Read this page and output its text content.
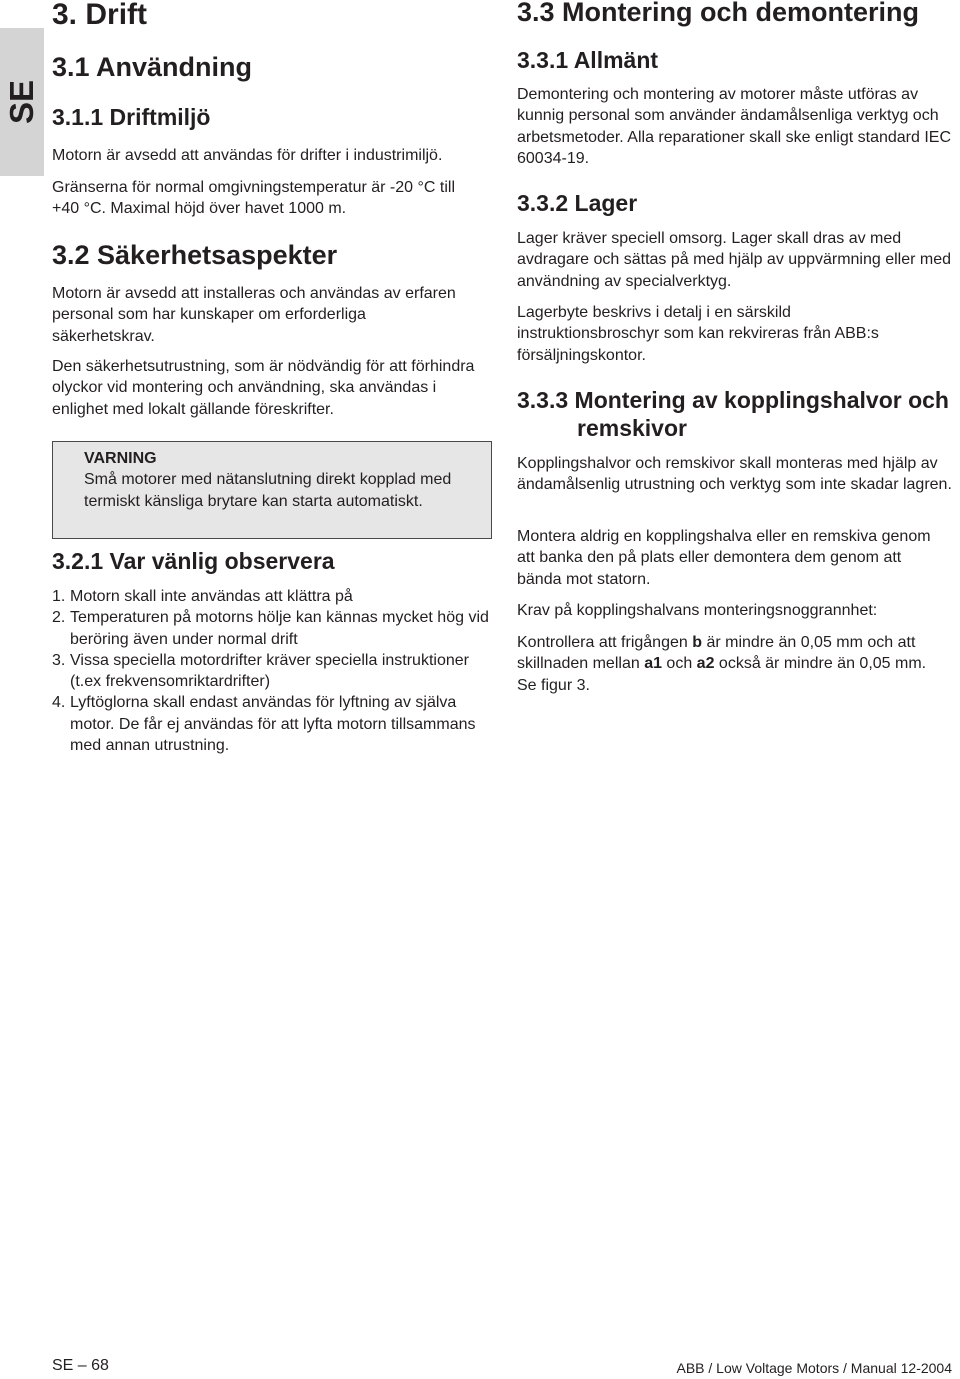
SE
3. Drift
3.1 Användning
3.1.1 Driftmiljö

Motorn är avsedd att användas för drifter i industrimiljö.

Gränserna för normal omgivningstemperatur är -20 °C till +40 °C. Maximal höjd över havet 1000 m.

3.2 Säkerhetsaspekter

Motorn är avsedd att installeras och användas av erfaren personal som har kunskaper om erforderliga säkerhetskrav.

Den säkerhetsutrustning, som är nödvändig för att förhindra olyckor vid montering och användning, ska användas i enlighet med lokalt gällande föreskrifter.

VARNING
Små motorer med nätanslutning direkt kopplad med termiskt känsliga brytare kan starta automatiskt.
3.2.1 Var vänlig observera
1. Motorn skall inte användas att klättra på
2. Temperaturen på motorns hölje kan kännas mycket hög vid beröring även under normal drift
3. Vissa speciella motordrifter kräver speciella instruktioner (t.ex frekvensomriktardrifter)
4. Lyftöglorna skall endast användas för lyftning av själva motor. De får ej användas för att lyfta motorn tillsammans med annan utrustning.
3.3 Montering och demontering
3.3.1 Allmänt

Demontering och montering av motorer måste utföras av kunnig personal som använder ändamålsenliga verktyg och arbetsmetoder. Alla reparationer skall ske enligt standard IEC 60034-19.

3.3.2 Lager

Lager kräver speciell omsorg. Lager skall dras av med avdragare och sättas på med hjälp av uppvärmning eller med användning av specialverktyg.

Lagerbyte beskrivs i detalj i en särskild instruktionsbroschyr som kan rekvireras från ABB:s försäljningskontor.

3.3.3 Montering av kopplingshalvor och remskivor

Kopplingshalvor och remskivor skall monteras med hjälp av ändamålsenlig utrustning och verktyg som inte skadar lagren.

Montera aldrig en kopplingshalva eller en remskiva genom att banka den på plats eller demontera dem genom att bända mot statorn.

Krav på kopplingshalvans monteringsnoggrannhet:

Kontrollera att frigången b är mindre än 0,05 mm och att skillnaden mellan a1 och a2 också är mindre än 0,05 mm. Se figur 3.

SE – 68	ABB / Low Voltage Motors / Manual 12-2004
